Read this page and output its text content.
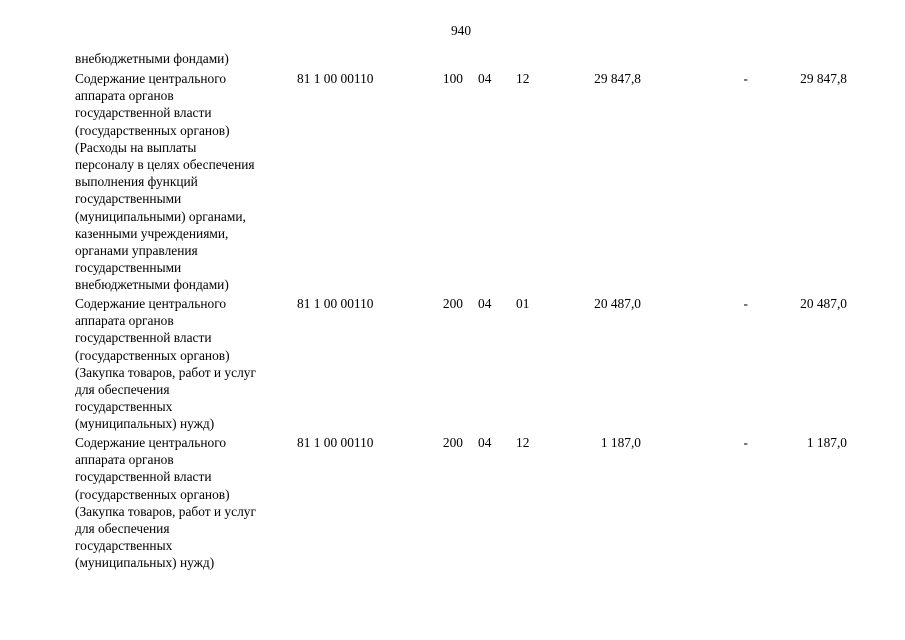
940
внебюджетными фондами)
Содержание центрального
аппарата органов
государственной власти
(государственных органов)
(Расходы на выплаты
персоналу в целях обеспечения
выполнения функций
государственными
(муниципальными) органами,
казенными учреждениями,
органами управления
государственными
внебюджетными фондами)
81 1 00 00110	100 04 12	29 847,8	-	29 847,8
Содержание центрального
аппарата органов
государственной власти
(государственных органов)
(Закупка товаров, работ и услуг
для обеспечения
государственных
(муниципальных) нужд)
81 1 00 00110	200 04 01	20 487,0	-	20 487,0
Содержание центрального
аппарата органов
государственной власти
(государственных органов)
(Закупка товаров, работ и услуг
для обеспечения
государственных
(муниципальных) нужд)
81 1 00 00110	200 04 12	1 187,0	-	1 187,0
